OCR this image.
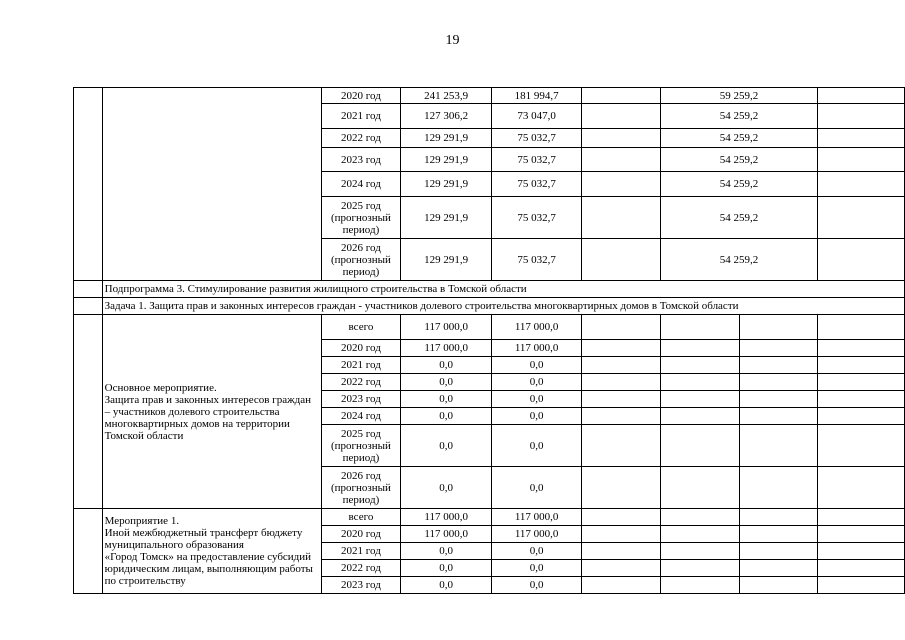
19
		2020 год	241 253,9	181 994,7		59 259,2		
		2021 год	127 306,2	73 047,0		54 259,2		
		2022 год	129 291,9	75 032,7		54 259,2		
		2023 год	129 291,9	75 032,7		54 259,2		
		2024 год	129 291,9	75 032,7		54 259,2		
		2025 год
(прогнозный
период)	129 291,9	75 032,7		54 259,2		
		2026 год
(прогнозный
период)	129 291,9	75 032,7		54 259,2		
	Подпрограмма 3. Стимулирование развития жилищного строительства в Томской области							
	Задача 1. Защита прав и законных интересов граждан - участников долевого строительства многоквартирных домов в Томской области							
	Основное мероприятие.
Защита прав и законных интересов граждан – участников долевого строительства многоквартирных домов на территории Томской области	всего	117 000,0	117 000,0				
		2020 год	117 000,0	117 000,0				
		2021 год	0,0	0,0				
		2022 год	0,0	0,0				
		2023 год	0,0	0,0				
		2024 год	0,0	0,0				
		2025 год
(прогнозный
период)	0,0	0,0				
		2026 год
(прогнозный
период)	0,0	0,0				
	Мероприятие 1.
Иной межбюджетный трансферт бюджету муниципального образования
«Город Томск» на предоставление субсидий юридическим лицам, выполняющим работы по строительству	всего	117 000,0	117 000,0				
		2020 год	117 000,0	117 000,0				
		2021 год	0,0	0,0				
		2022 год	0,0	0,0				
		2023 год	0,0	0,0				
